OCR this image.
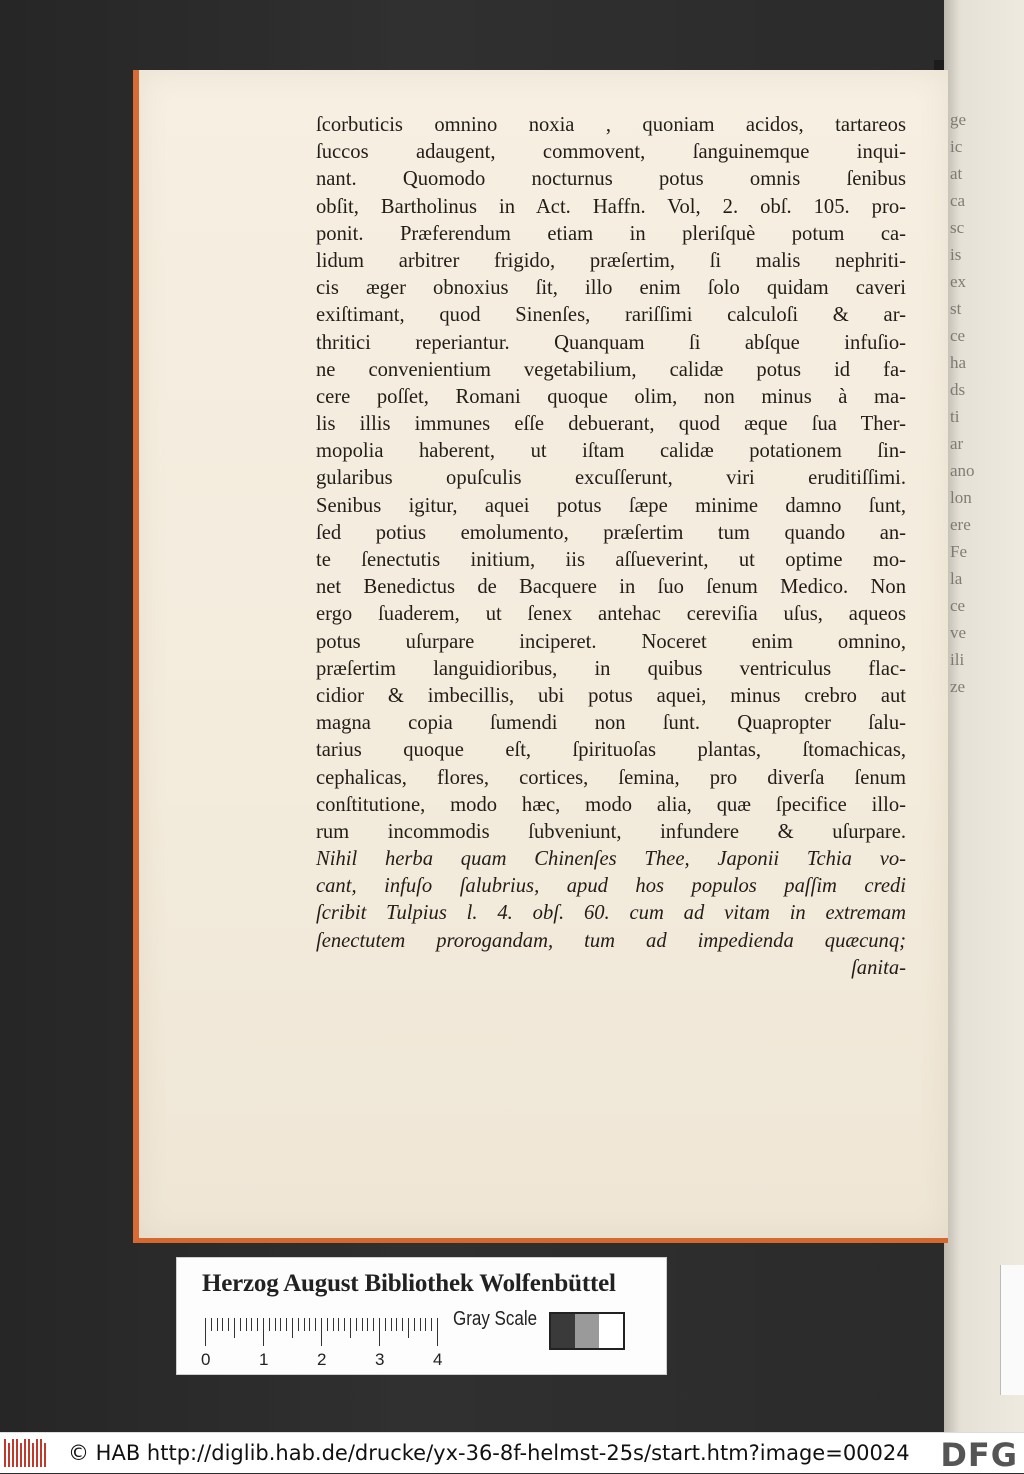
ge
ic
at
ca
sc
is
ex
st
ce
ha
ds
ti
ar
ano
lon
ere
Fe
la
ce
ve
ili
ze
ſcorbuticis omnino noxia , quoniam acidos, tartareos
ſuccos adaugent, commovent, ſanguinemque inqui-
nant. Quomodo nocturnus potus omnis ſenibus
obſit, Bartholinus in Act. Haffn. Vol, 2. obſ. 105. pro-
ponit. Præferendum etiam in pleriſquè potum ca-
lidum arbitrer frigido, præſertim, ſi malis nephriti-
cis æger obnoxius ſit, illo enim ſolo quidam caveri
exiſtimant, quod Sinenſes, rariſſimi calculoſi & ar-
thritici reperiantur. Quanquam ſi abſque infuſio-
ne convenientium vegetabilium, calidæ potus id fa-
cere poſſet, Romani quoque olim, non minus à ma-
lis illis immunes eſſe debuerant, quod æque ſua Ther-
mopolia haberent, ut iſtam calidæ potationem ſin-
gularibus opuſculis excuſſerunt, viri eruditiſſimi.
Senibus igitur, aquei potus ſæpe minime damno ſunt,
ſed potius emolumento, præſertim tum quando an-
te ſenectutis initium, iis aſſueverint, ut optime mo-
net Benedictus de Bacquere in ſuo ſenum Medico. Non
ergo ſuaderem, ut ſenex antehac cereviſia uſus, aqueos
potus uſurpare inciperet. Noceret enim omnino,
præſertim languidioribus, in quibus ventriculus flac-
cidior & imbecillis, ubi potus aquei, minus crebro aut
magna copia ſumendi non ſunt. Quapropter ſalu-
tarius quoque eſt, ſpirituoſas plantas, ſtomachicas,
cephalicas, flores, cortices, ſemina, pro diverſa ſenum
conſtitutione, modo hæc, modo alia, quæ ſpecifice illo-
rum incommodis ſubveniunt, infundere & uſurpare.
Nihil herba quam Chinenſes Thee, Japonii Tchia vo-
cant, infuſo ſalubrius, apud hos populos paſſim credi
ſcribit Tulpius l. 4. obſ. 60. cum ad vitam in extremam
ſenectutem prorogandam, tum ad impedienda quæcunq;
ſanita-
Herzog August Bibliothek Wolfenbüttel
Gray Scale
0	1	2	3	4
© HAB http://diglib.hab.de/drucke/yx-36-8f-helmst-25s/start.htm?image=00024 DFG
